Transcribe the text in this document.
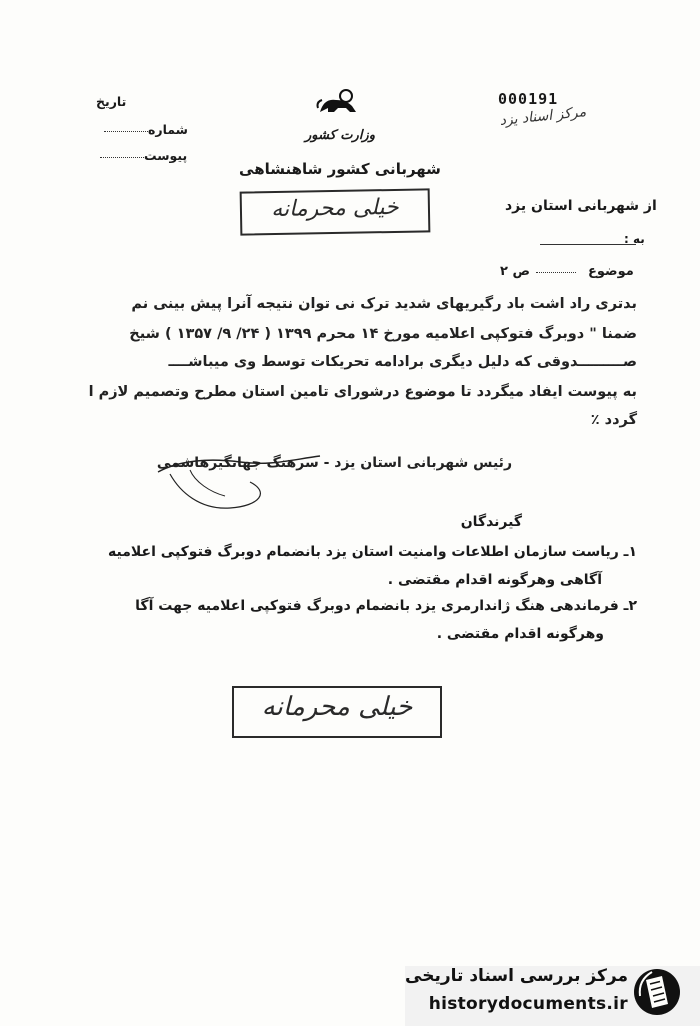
وزارت کشور
شهربانی کشور شاهنشاهی
000191
مرکز اسناد یزد
تاریخ
شماره
پیوست
خیلی محرمانه	از شهربانی استان یزد
به :
موضوع
ص ۲
بدتری راد اشت باد رگیریهای شدید ترک نی توان نتیجه آنرا پیش بینی نم
ضمنا " دوبرگ فتوکپی اعلامیه مورخ ۱۴ محرم ۱۳۹۹ ( ۲۴/ ۹/ ۱۳۵۷ ) شیخ
صـــــــــدوقی که دلیل دیگری برادامه تحریکات توسط وی میباشــــ
به پیوست ایفاد میگردد تا موضوع درشورای تامین استان مطرح وتصمیم لازم ا
گردد ٪
رئیس شهربانی استان یزد - سرهنگ جهانگیرهاشمی
گیرندگان
۱ـ ریاست سازمان اطلاعات وامنیت استان یزد بانضمام دوبرگ فتوکپی اعلامیه
آگاهی وهرگونه اقدام مقتضی .
۲ـ فرماندهی هنگ ژاندارمری یزد بانضمام دوبرگ فتوکپی اعلامیه جهت آگا
وهرگونه اقدام مقتضی .
خیلی محرمانه
مرکز بررسی اسناد تاریخی
historydocuments.ir
